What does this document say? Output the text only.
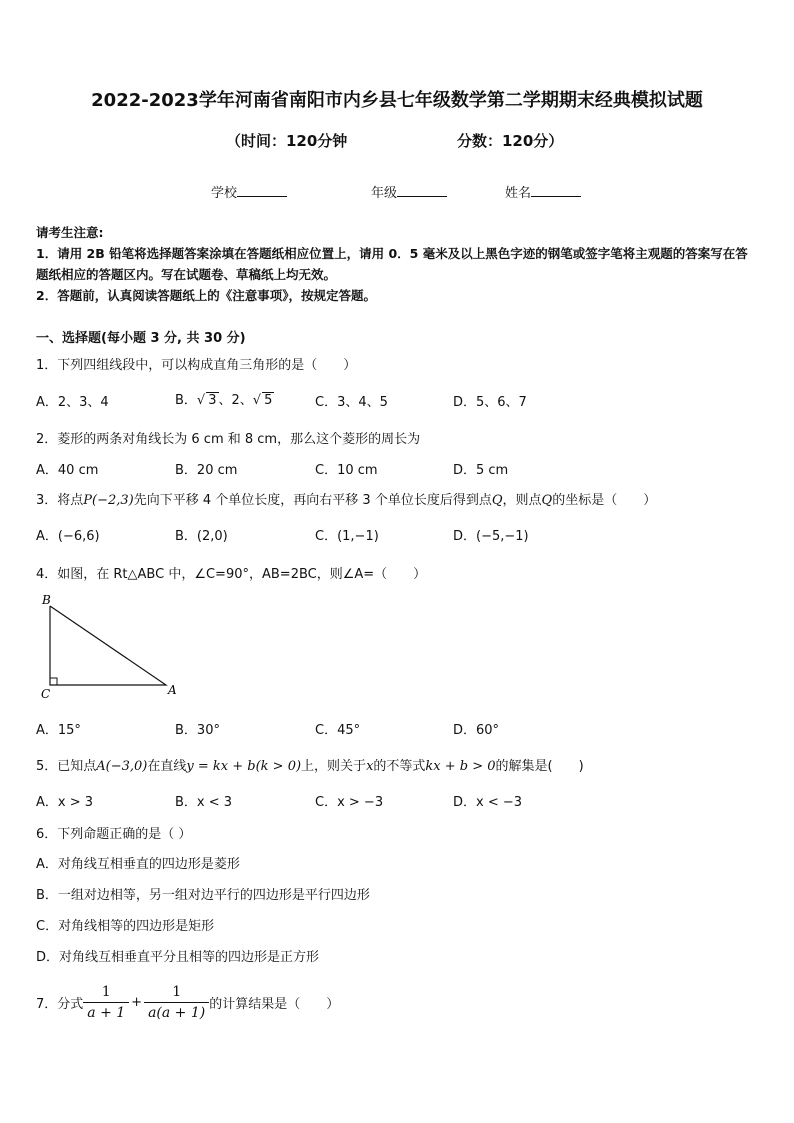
2022-2023学年河南省南阳市内乡县七年级数学第二学期期末经典模拟试题
（时间：120分钟	分数：120分）
学校	年级	姓名
请考生注意:
1．请用 2B 铅笔将选择题答案涂填在答题纸相应位置上，请用 0．5 毫米及以上黑色字迹的钢笔或签字笔将主观题的答案写在答题纸相应的答题区内。写在试题卷、草稿纸上均无效。
2．答题前，认真阅读答题纸上的《注意事项》，按规定答题。
一、选择题(每小题 3 分, 共 30 分)
1．下列四组线段中，可以构成直角三角形的是（　　）
A．2、3、4	B．√ 3 、2、√ 5	C．3、4、5	D．5、6、7
2．菱形的两条对角线长为 6 cm 和 8 cm，那么这个菱形的周长为
A．40 cm	B．20 cm	C．10 cm	D．5 cm
3．将点P(−2,3)先向下平移 4 个单位长度，再向右平移 3 个单位长度后得到点Q，则点Q的坐标是（　　）
A．(−6,6)	B．(2,0)	C．(1,−1)	D．(−5,−1)
4．如图，在 Rt△ABC 中，∠C=90°，AB=2BC，则∠A=（　　）
B
C	A
A．15°	B．30°	C．45°	D．60°
5．已知点A(−3,0)在直线y = kx + b(k > 0)上，则关于x的不等式kx + b > 0的解集是(　　)
A．x > 3	B．x < 3	C．x > −3	D．x < −3
6．下列命题正确的是（ ）
A．对角线互相垂直的四边形是菱形
B．一组对边相等，另一组对边平行的四边形是平行四边形
C．对角线相等的四边形是矩形
D．对角线互相垂直平分且相等的四边形是正方形
7．分式 $\frac{1}{a + 1} + \frac{1}{a(a + 1)}$ 的计算结果是（　　）
